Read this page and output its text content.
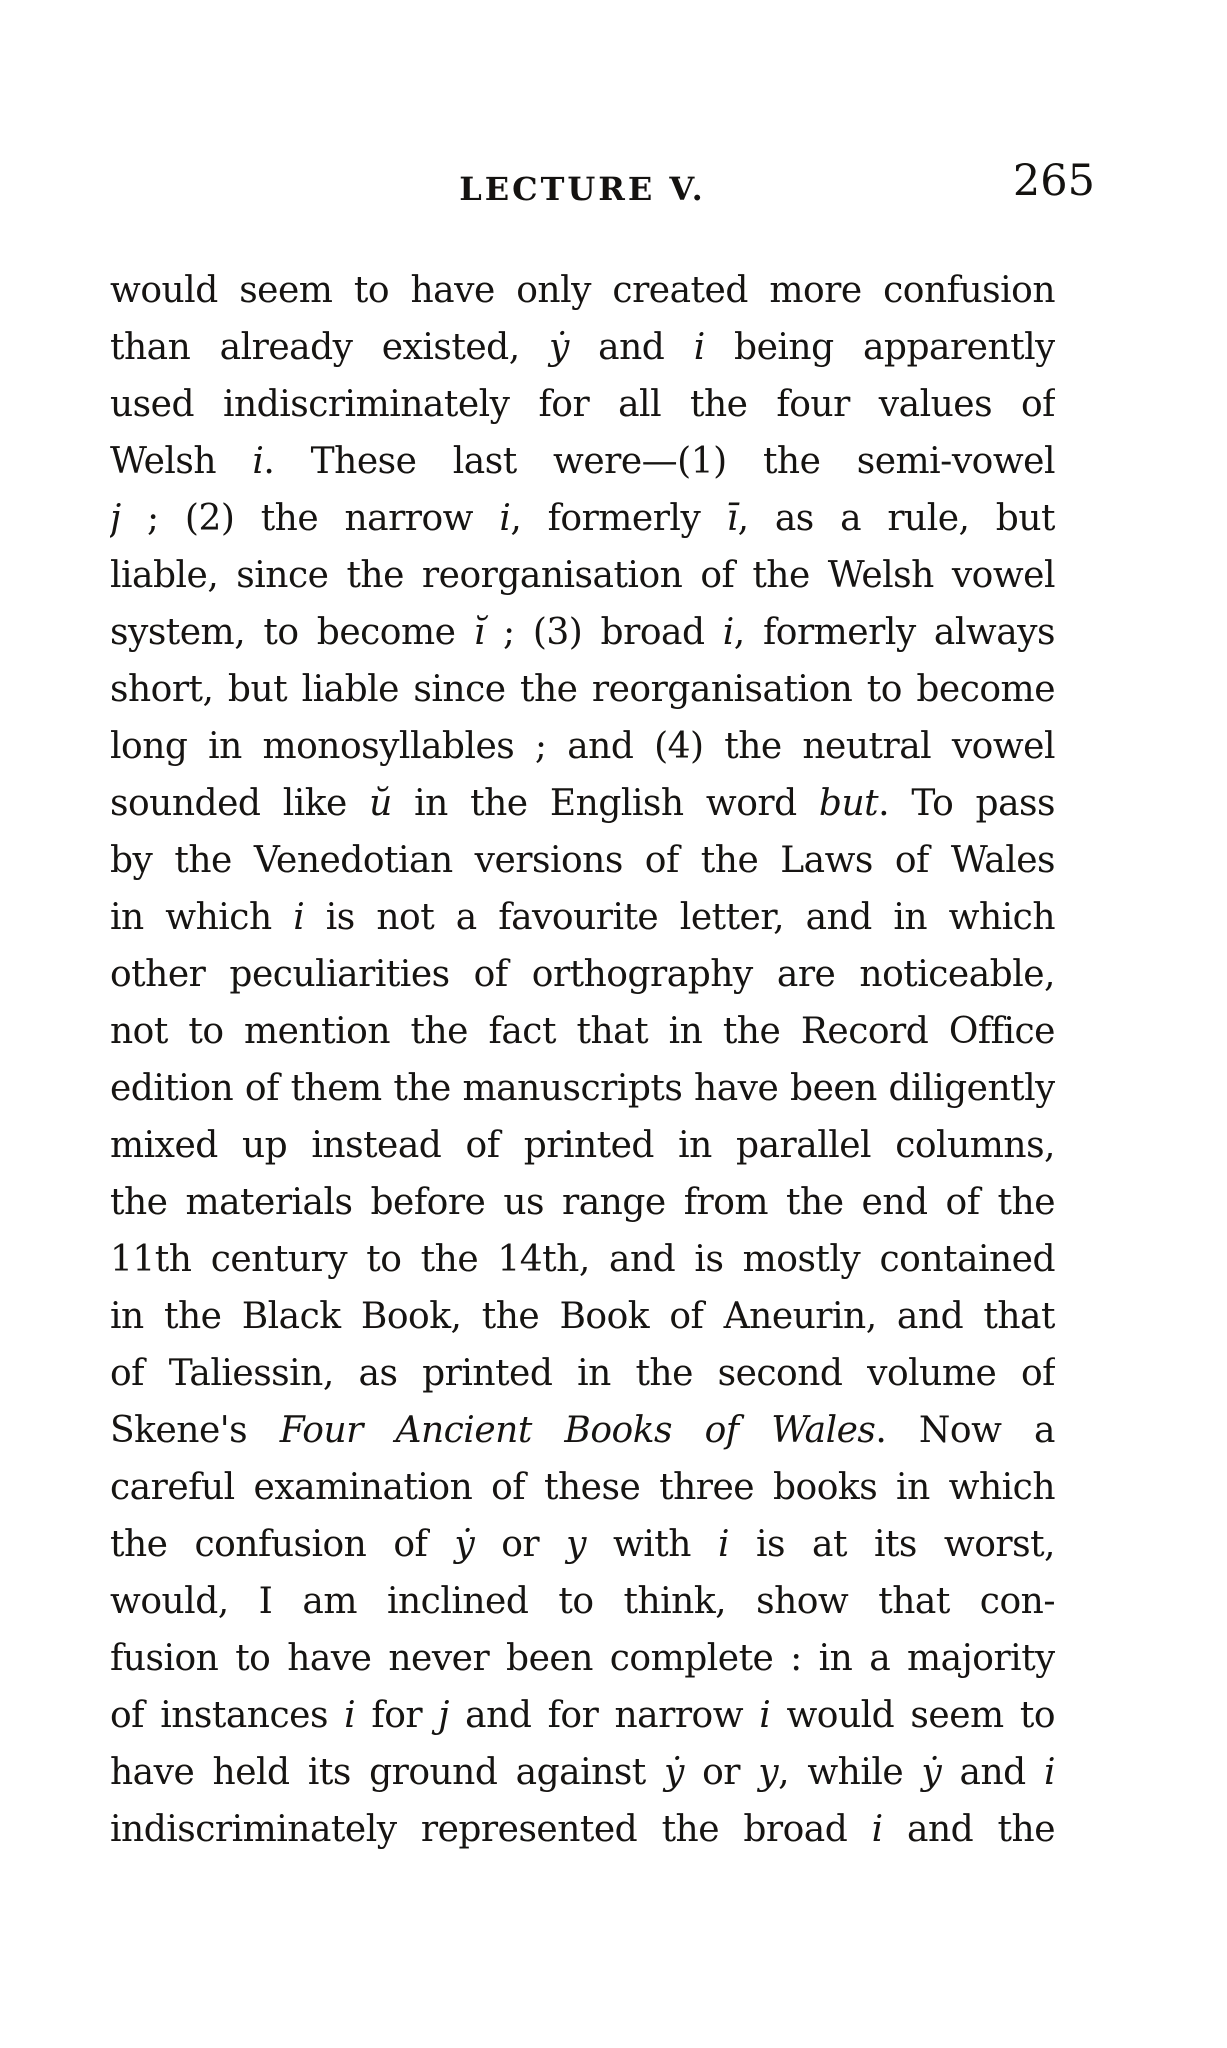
LECTURE V.	265
would seem to have only created more confusion
than already existed, ẏ and i being apparently
used indiscriminately for all the four values of
Welsh i. These last were—(1) the semi-vowel
j ; (2) the narrow i, formerly ī, as a rule, but
liable, since the reorganisation of the Welsh vowel
system, to become ĭ ; (3) broad i, formerly always
short, but liable since the reorganisation to become
long in monosyllables ; and (4) the neutral vowel
sounded like ŭ in the English word but. To pass
by the Venedotian versions of the Laws of Wales
in which i is not a favourite letter, and in which
other peculiarities of orthography are noticeable,
not to mention the fact that in the Record Office
edition of them the manuscripts have been diligently
mixed up instead of printed in parallel columns,
the materials before us range from the end of the
11th century to the 14th, and is mostly contained
in the Black Book, the Book of Aneurin, and that
of Taliessin, as printed in the second volume of
Skene's Four Ancient Books of Wales. Now a
careful examination of these three books in which
the confusion of ẏ or y with i is at its worst,
would, I am inclined to think, show that con-
fusion to have never been complete : in a majority
of instances i for j and for narrow i would seem to
have held its ground against ẏ or y, while ẏ and i
indiscriminately represented the broad i and the
